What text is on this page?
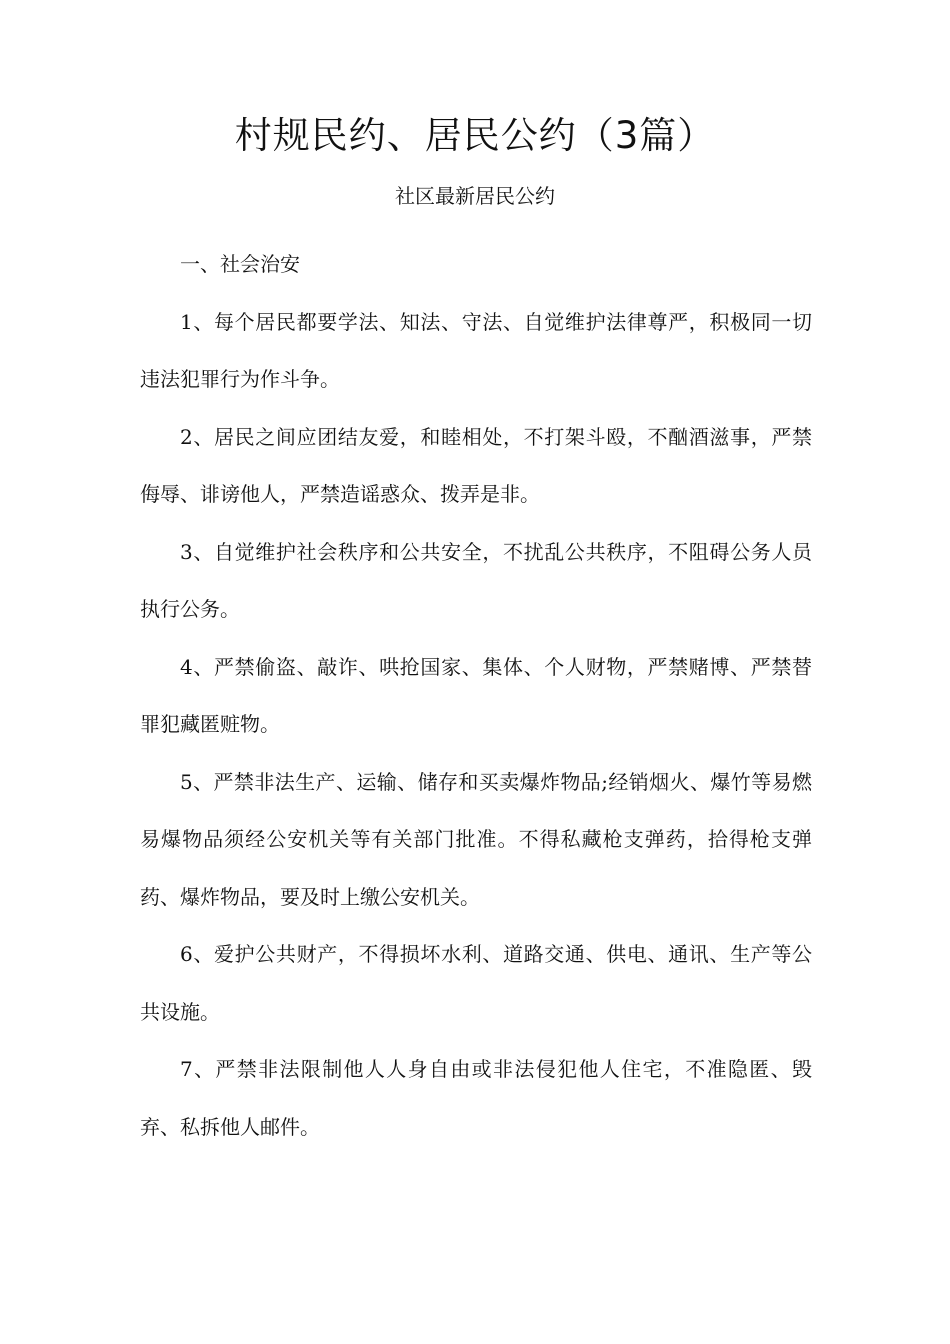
村规民约、居民公约（3篇）

社区最新居民公约

一、社会治安

1、每个居民都要学法、知法、守法、自觉维护法律尊严，积极同一切违法犯罪行为作斗争。

2、居民之间应团结友爱，和睦相处，不打架斗殴，不酗酒滋事，严禁侮辱、诽谤他人，严禁造谣惑众、拨弄是非。

3、自觉维护社会秩序和公共安全，不扰乱公共秩序，不阻碍公务人员执行公务。

4、严禁偷盗、敲诈、哄抢国家、集体、个人财物，严禁赌博、严禁替罪犯藏匿赃物。

5、严禁非法生产、运输、储存和买卖爆炸物品;经销烟火、爆竹等易燃易爆物品须经公安机关等有关部门批准。不得私藏枪支弹药，拾得枪支弹药、爆炸物品，要及时上缴公安机关。

6、爱护公共财产，不得损坏水利、道路交通、供电、通讯、生产等公共设施。

7、严禁非法限制他人人身自由或非法侵犯他人住宅，不准隐匿、毁弃、私拆他人邮件。
